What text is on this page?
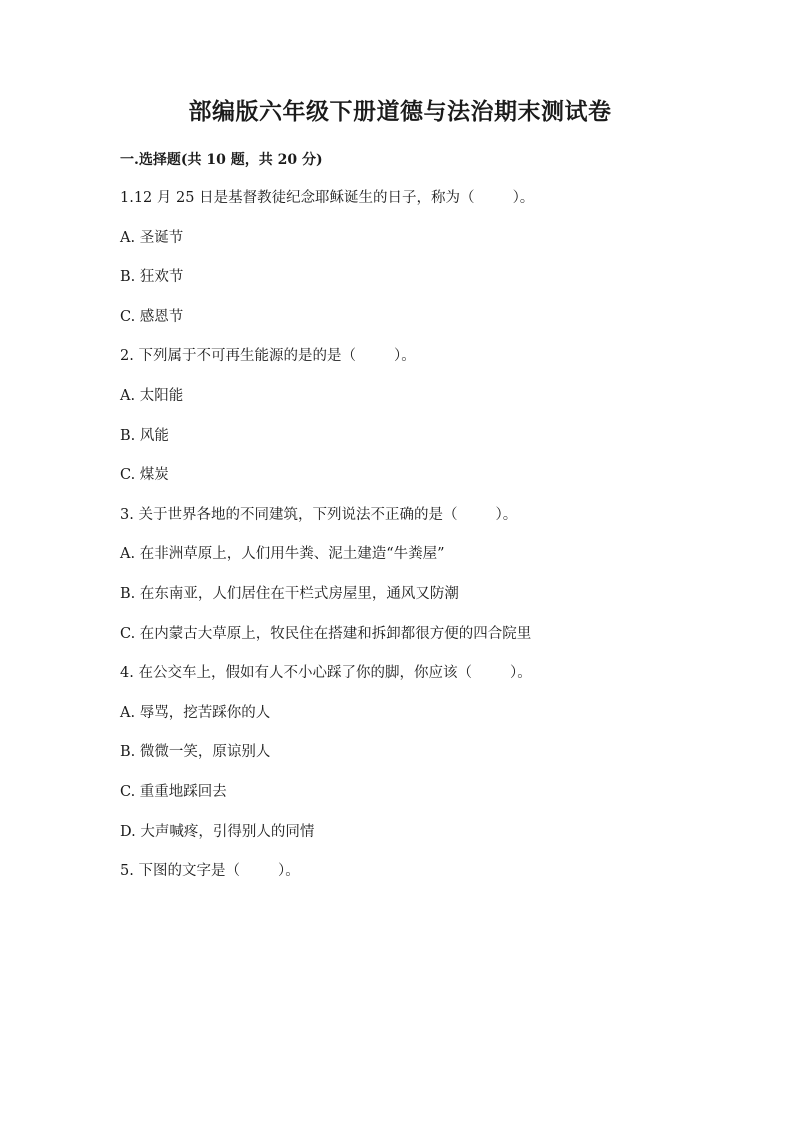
部编版六年级下册道德与法治期末测试卷
一.选择题(共 10 题，共 20 分)
1.12 月 25 日是基督教徒纪念耶稣诞生的日子，称为（	）。
A. 圣诞节
B. 狂欢节
C. 感恩节
2. 下列属于不可再生能源的是的是（	）。
A. 太阳能
B. 风能
C. 煤炭
3. 关于世界各地的不同建筑，下列说法不正确的是（	）。
A. 在非洲草原上，人们用牛粪、泥土建造“牛粪屋”
B. 在东南亚，人们居住在干栏式房屋里，通风又防潮
C. 在内蒙古大草原上，牧民住在搭建和拆卸都很方便的四合院里
4. 在公交车上，假如有人不小心踩了你的脚，你应该（	）。
A. 辱骂，挖苦踩你的人
B. 微微一笑，原谅别人
C. 重重地踩回去
D. 大声喊疼，引得别人的同情
5. 下图的文字是（	）。
